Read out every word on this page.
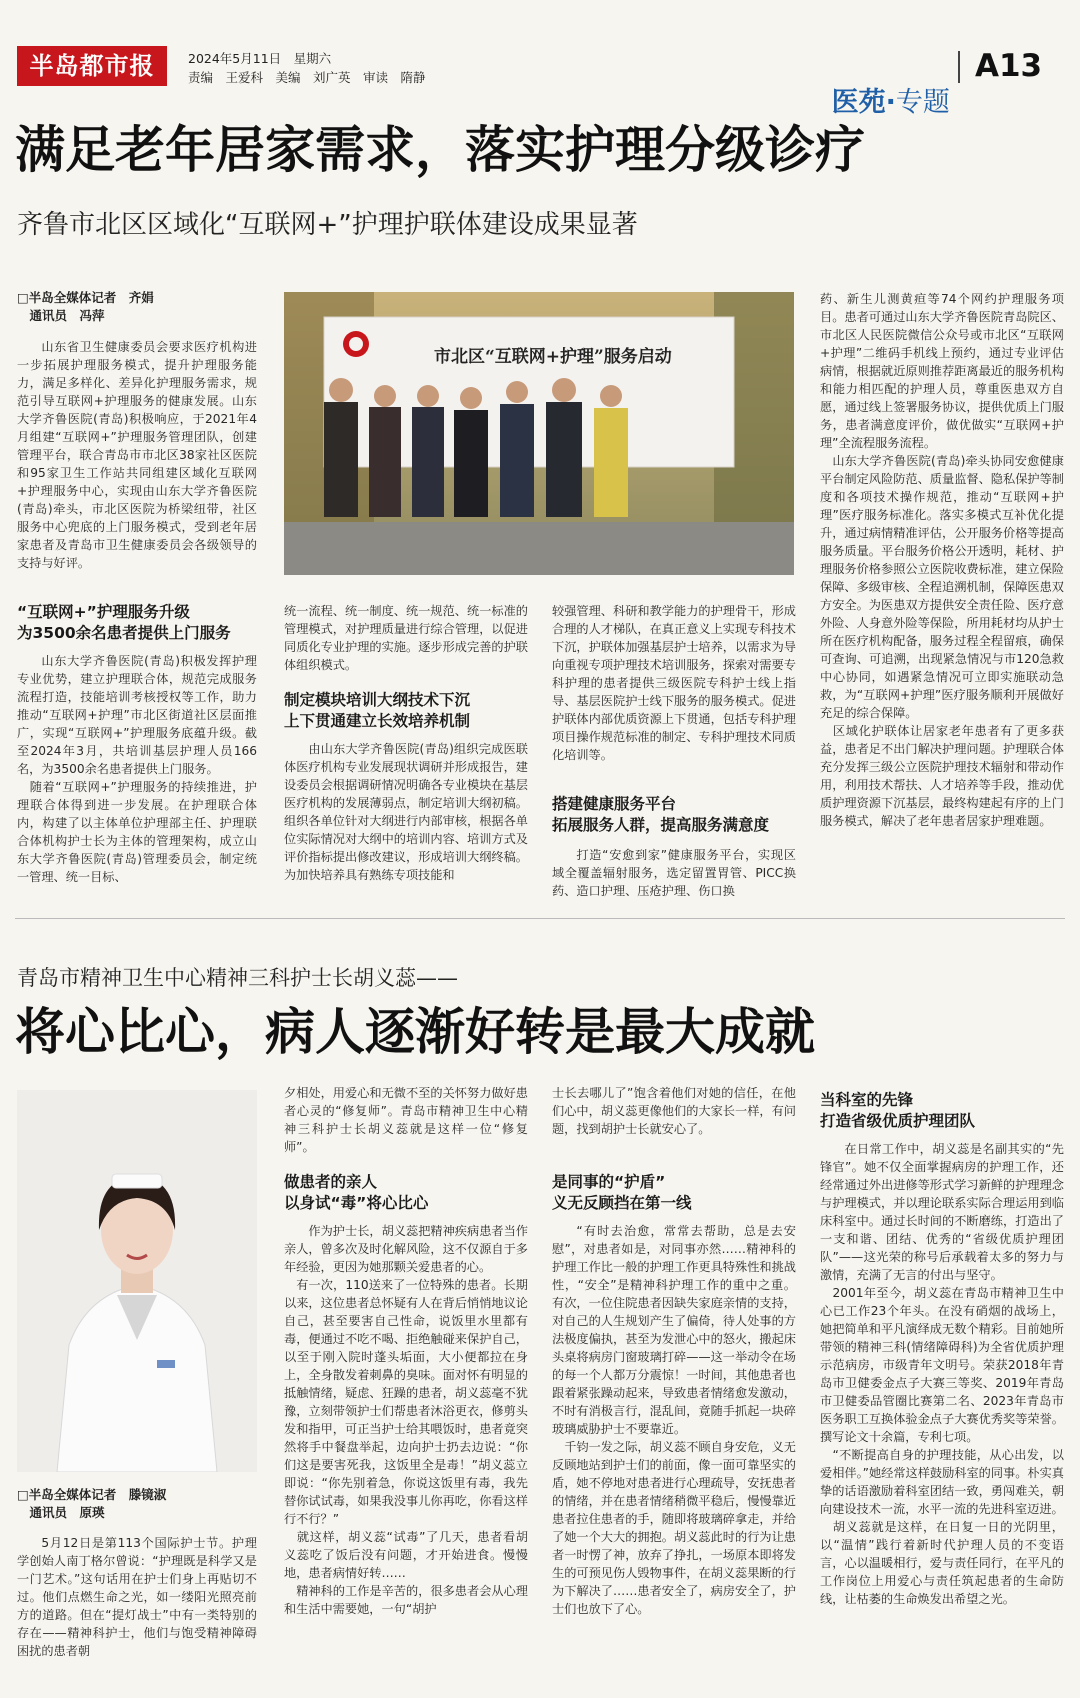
半岛都市报	2024年5月11日　星期六
责编　王爱科　美编　刘广英　审读　隋静

医苑·专题

A13
满足老年居家需求，落实护理分级诊疗
齐鲁市北区区域化“互联网+”护理护联体建设成果显著
□半岛全媒体记者　齐娟
　通讯员　冯萍
山东省卫生健康委员会要求医疗机构进一步拓展护理服务模式，提升护理服务能力，满足多样化、差异化护理服务需求，规范引导互联网+护理服务的健康发展。山东大学齐鲁医院(青岛)积极响应，于2021年4月组建“互联网+”护理服务管理团队，创建管理平台，联合青岛市市北区38家社区医院和95家卫生工作站共同组建区域化互联网+护理服务中心，实现由山东大学齐鲁医院(青岛)牵头，市北区医院为桥梁纽带，社区服务中心兜底的上门服务模式，受到老年居家患者及青岛市卫生健康委员会各级领导的支持与好评。
“互联网+”护理服务升级
为3500余名患者提供上门服务
山东大学齐鲁医院(青岛)积极发挥护理专业优势，建立护理联合体，规范完成服务流程打造，技能培训考核授权等工作，助力推动“互联网+护理”市北区街道社区层面推广，实现“互联网+”护理服务底蕴升级。截至2024年3月，共培训基层护理人员166名，为3500余名患者提供上门服务。
　随着“互联网+”护理服务的持续推进，护理联合体得到进一步发展。在护理联合体内，构建了以主体单位护理部主任、护理联合体机构护士长为主体的管理架构，成立山东大学齐鲁医院(青岛)管理委员会，制定统一管理、统一目标、
市北区“互联网+护理”服务启动
统一流程、统一制度、统一规范、统一标准的管理模式，对护理质量进行综合管理，以促进同质化专业护理的实施。逐步形成完善的护联体组织模式。
制定模块培训大纲技术下沉
上下贯通建立长效培养机制
由山东大学齐鲁医院(青岛)组织完成医联体医疗机构专业发展现状调研并形成报告，建设委员会根据调研情况明确各专业模块在基层医疗机构的发展薄弱点，制定培训大纲初稿。组织各单位针对大纲进行内部审核，根据各单位实际情况对大纲中的培训内容、培训方式及评价指标提出修改建议，形成培训大纲终稿。为加快培养具有熟练专项技能和
较强管理、科研和教学能力的护理骨干，形成合理的人才梯队，在真正意义上实现专科技术下沉，护联体加强基层护士培养，以需求为导向重视专项护理技术培训服务，探索对需要专科护理的患者提供三级医院专科护士线上指导、基层医院护士线下服务的服务模式。促进护联体内部优质资源上下贯通，包括专科护理项目操作规范标准的制定、专科护理技术同质化培训等。
搭建健康服务平台
拓展服务人群，提高服务满意度
打造“安愈到家”健康服务平台，实现区域全覆盖辐射服务，选定留置胃管、PICC换药、造口护理、压疮护理、伤口换
药、新生儿测黄疸等74个网约护理服务项目。患者可通过山东大学齐鲁医院青岛院区、市北区人民医院微信公众号或市北区“互联网+护理”二维码手机线上预约，通过专业评估病情，根据就近原则推荐距离最近的服务机构和能力相匹配的护理人员，尊重医患双方自愿，通过线上签署服务协议，提供优质上门服务，患者满意度评价，做优做实“互联网+护理”全流程服务流程。
　山东大学齐鲁医院(青岛)牵头协同安愈健康平台制定风险防范、质量监督、隐私保护等制度和各项技术操作规范，推动“互联网+护理”医疗服务标准化。落实多模式互补优化提升，通过病情精准评估，公开服务价格等提高服务质量。平台服务价格公开透明，耗材、护理服务价格参照公立医院收费标准，建立保险保障、多级审核、全程追溯机制，保障医患双方安全。为医患双方提供安全责任险、医疗意外险、人身意外险等保险，所用耗材均从护士所在医疗机构配备，服务过程全程留痕，确保可查询、可追溯，出现紧急情况与市120急救中心协同，如遇紧急情况可立即实施联动急救，为“互联网+护理”医疗服务顺利开展做好充足的综合保障。
　区域化护联体让居家老年患者有了更多获益，患者足不出门解决护理问题。护理联合体充分发挥三级公立医院护理技术辐射和带动作用，利用技术帮扶、人才培养等手段，推动优质护理资源下沉基层，最终构建起有序的上门服务模式，解决了老年患者居家护理难题。
青岛市精神卫生中心精神三科护士长胡义蕊——
将心比心，病人逐渐好转是最大成就
□半岛全媒体记者　滕镜淑
　通讯员　原瑛
5月12日是第113个国际护士节。护理学创始人南丁格尔曾说：“护理既是科学又是一门艺术。”这句话用在护士们身上再贴切不过。他们点燃生命之光，如一缕阳光照亮前方的道路。但在“提灯战士”中有一类特别的存在——精神科护士，他们与饱受精神障碍困扰的患者朝
夕相处，用爱心和无微不至的关怀努力做好患者心灵的“修复师”。青岛市精神卫生中心精神三科护士长胡义蕊就是这样一位“修复师”。
做患者的亲人
以身试“毒”将心比心
作为护士长，胡义蕊把精神疾病患者当作亲人，曾多次及时化解风险，这不仅源自于多年经验，更因为她那颗关爱患者的心。
　有一次，110送来了一位特殊的患者。长期以来，这位患者总怀疑有人在背后悄悄地议论自己，甚至要害自己性命，说饭里水里都有毒，便通过不吃不喝、拒绝触碰来保护自己，以至于刚入院时蓬头垢面，大小便都拉在身上，全身散发着刺鼻的臭味。面对怀有明显的抵触情绪，疑虑、狂躁的患者，胡义蕊毫不犹豫，立刻带领护士们帮患者沐浴更衣，修剪头发和指甲，可正当护士给其喂饭时，患者竟突然将手中餐盘举起，边向护士扔去边说：“你们这是要害死我，这饭里全是毒！”胡义蕊立即说：“你先别着急，你说这饭里有毒，我先替你试试毒，如果我没事儿你再吃，你看这样行不行？”
　就这样，胡义蕊“试毒”了几天，患者看胡义蕊吃了饭后没有问题，才开始进食。慢慢地，患者病情好转……
　精神科的工作是辛苦的，很多患者会从心理和生活中需要她，一句“胡护
士长去哪儿了”饱含着他们对她的信任，在他们心中，胡义蕊更像他们的大家长一样，有问题，找到胡护士长就安心了。
是同事的“护盾”
义无反顾挡在第一线
“有时去治愈，常常去帮助，总是去安慰”，对患者如是，对同事亦然……精神科的护理工作比一般的护理工作更具特殊性和挑战性，“安全”是精神科护理工作的重中之重。有次，一位住院患者因缺失家庭亲情的支持，对自己的人生规划产生了偏倚，待人处事的方法极度偏执，甚至为发泄心中的怒火，搬起床头桌将病房门窗玻璃打碎——这一举动令在场的每一个人都万分震惊！一时间，其他患者也跟着紧张躁动起来，导致患者情绪愈发激动，不时有消极言行，混乱间，竟随手抓起一块碎玻璃威胁护士不要靠近。
　千钧一发之际，胡义蕊不顾自身安危，义无反顾地站到护士们的前面，像一面可靠坚实的盾，她不停地对患者进行心理疏导，安抚患者的情绪，并在患者情绪稍微平稳后，慢慢靠近患者拉住患者的手，随即将玻璃碎拿走，并给了她一个大大的拥抱。胡义蕊此时的行为让患者一时愣了神，放弃了挣扎，一场原本即将发生的可预见伤人毁物事件，在胡义蕊果断的行为下解决了……患者安全了，病房安全了，护士们也放下了心。
当科室的先锋
打造省级优质护理团队
在日常工作中，胡义蕊是名副其实的“先锋官”。她不仅全面掌握病房的护理工作，还经常通过外出进修等形式学习新鲜的护理理念与护理模式，并以理论联系实际合理运用到临床科室中。通过长时间的不断磨练，打造出了一支和谐、团结、优秀的“省级优质护理团队”——这光荣的称号后承载着太多的努力与激情，充满了无言的付出与坚守。
　2001年至今，胡义蕊在青岛市精神卫生中心已工作23个年头。在没有硝烟的战场上，她把简单和平凡演绎成无数个精彩。目前她所带领的精神三科(情绪障碍科)为全省优质护理示范病房，市级青年文明号。荣获2018年青岛市卫健委金点子大赛三等奖、2019年青岛市卫健委品管圈比赛第二名、2023年青岛市医务职工互换体验金点子大赛优秀奖等荣誉。撰写论文十余篇，专利七项。
　“不断提高自身的护理技能，从心出发，以爱相伴。”她经常这样鼓励科室的同事。朴实真挚的话语激励着科室团结一致，勇闯难关，朝向建设技术一流，水平一流的先进科室迈进。
　胡义蕊就是这样，在日复一日的光阴里，以“温情”践行着新时代护理人员的不变语言，心以温暖相行，爱与责任同行，在平凡的工作岗位上用爱心与责任筑起患者的生命防线，让枯萎的生命焕发出希望之光。
